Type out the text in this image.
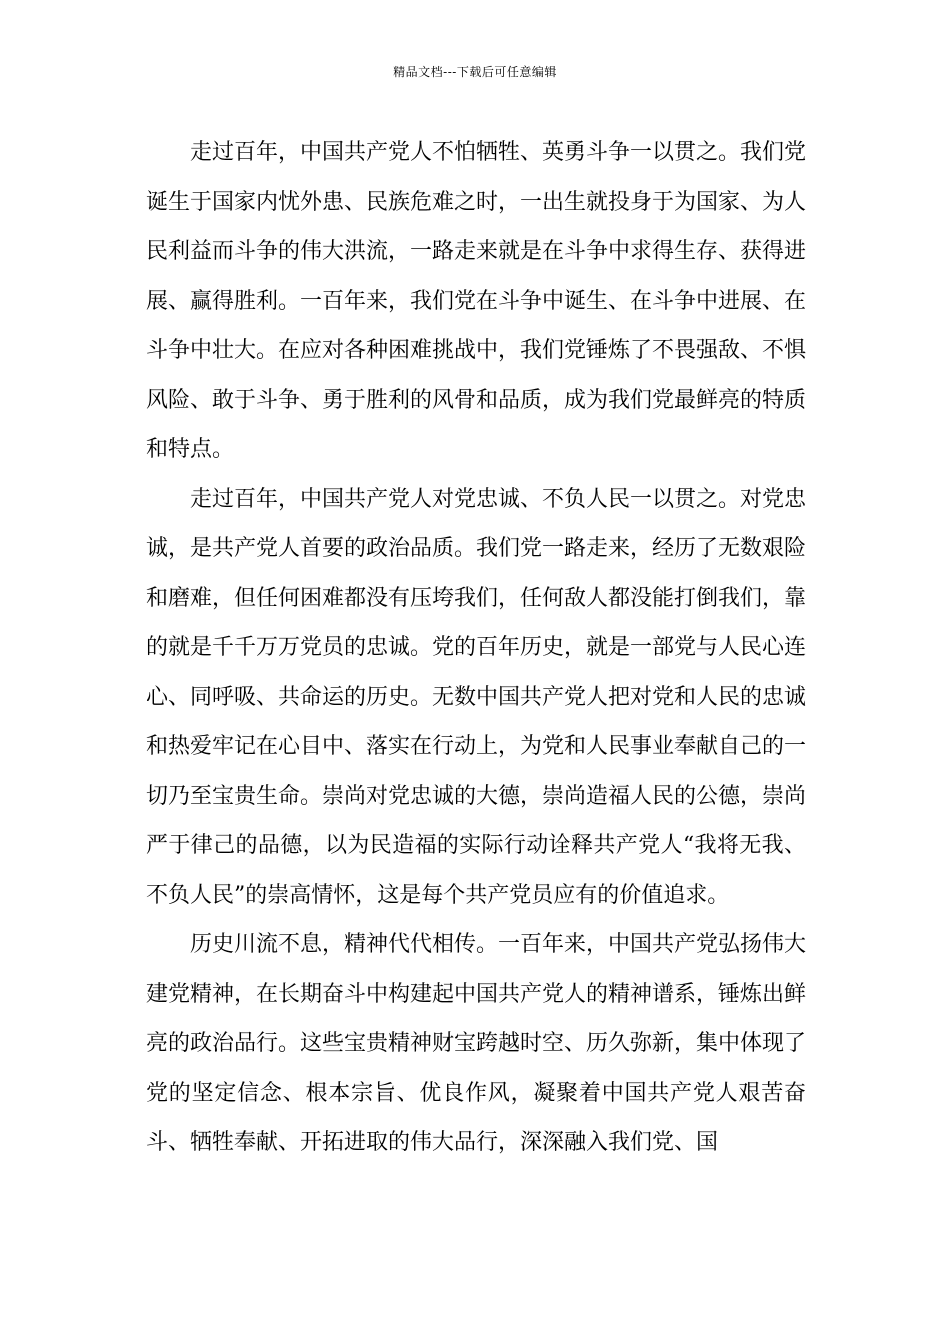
精品文档---下载后可任意编辑

走过百年，中国共产党人不怕牺牲、英勇斗争一以贯之。我们党诞生于国家内忧外患、民族危难之时，一出生就投身于为国家、为人民利益而斗争的伟大洪流，一路走来就是在斗争中求得生存、获得进展、赢得胜利。一百年来，我们党在斗争中诞生、在斗争中进展、在斗争中壮大。在应对各种困难挑战中，我们党锤炼了不畏强敌、不惧风险、敢于斗争、勇于胜利的风骨和品质，成为我们党最鲜亮的特质和特点。

走过百年，中国共产党人对党忠诚、不负人民一以贯之。对党忠诚，是共产党人首要的政治品质。我们党一路走来，经历了无数艰险和磨难，但任何困难都没有压垮我们，任何敌人都没能打倒我们，靠的就是千千万万党员的忠诚。党的百年历史，就是一部党与人民心连心、同呼吸、共命运的历史。无数中国共产党人把对党和人民的忠诚和热爱牢记在心目中、落实在行动上，为党和人民事业奉献自己的一切乃至宝贵生命。崇尚对党忠诚的大德，崇尚造福人民的公德，崇尚严于律己的品德，以为民造福的实际行动诠释共产党人“我将无我、不负人民”的崇高情怀，这是每个共产党员应有的价值追求。

历史川流不息，精神代代相传。一百年来，中国共产党弘扬伟大建党精神，在长期奋斗中构建起中国共产党人的精神谱系，锤炼出鲜亮的政治品行。这些宝贵精神财宝跨越时空、历久弥新，集中体现了党的坚定信念、根本宗旨、优良作风，凝聚着中国共产党人艰苦奋斗、牺牲奉献、开拓进取的伟大品行，深深融入我们党、国
